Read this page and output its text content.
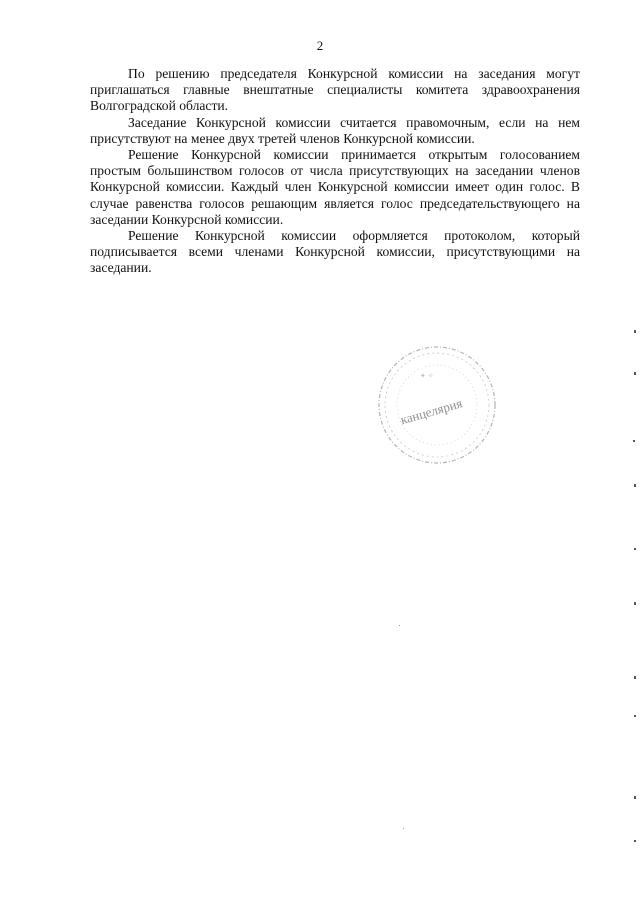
2

По решению председателя Конкурсной комиссии на заседания могут приглашаться главные внештатные специалисты комитета здравоохранения Волгоградской области.

Заседание Конкурсной комиссии считается правомочным, если на нем присутствуют на менее двух третей членов Конкурсной комиссии.

Решение Конкурсной комиссии принимается открытым голосованием простым большинством голосов от числа присутствующих на заседании членов Конкурсной комиссии. Каждый член Конкурсной комиссии имеет один голос. В случае равенства голосов решающим является голос председательствующего на заседании Конкурсной комиссии.

Решение Конкурсной комиссии оформляется протоколом, который подписывается всеми членами Конкурсной комиссии, присутствующими на заседании.

канцелярия
✦ ✧
